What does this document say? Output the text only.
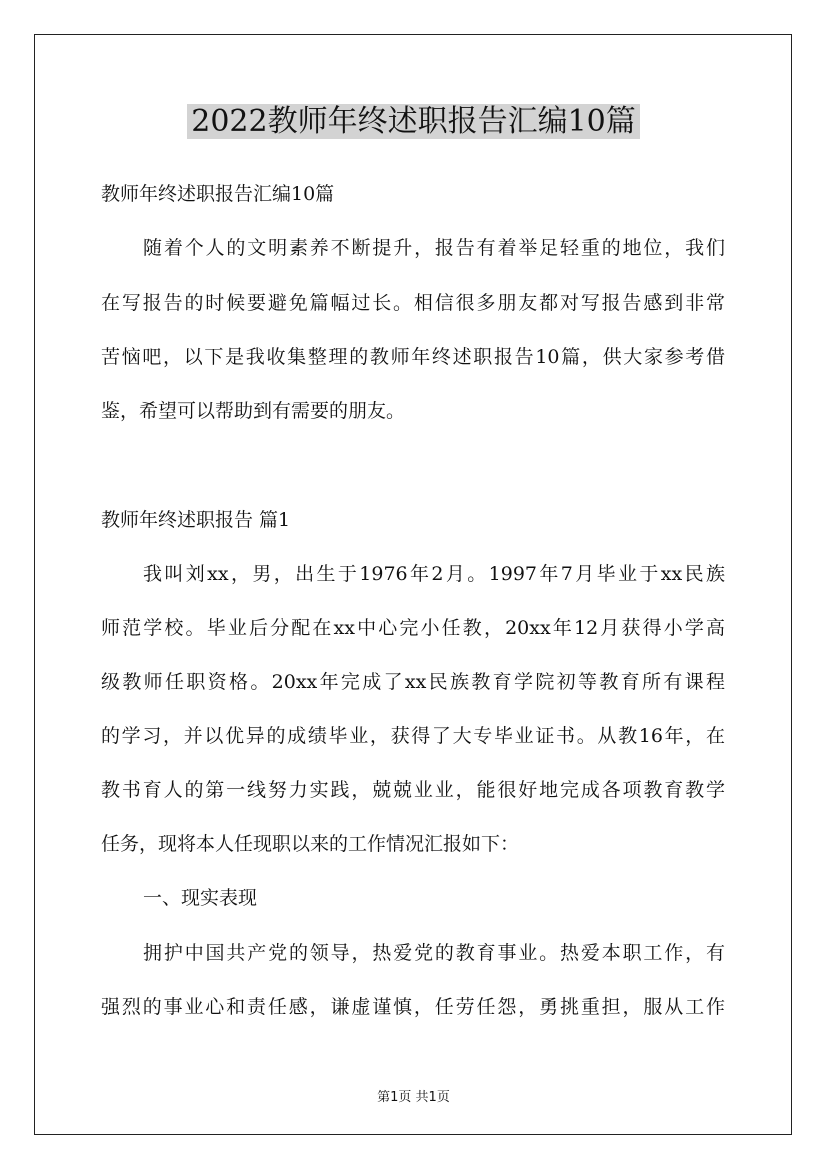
2022教师年终述职报告汇编10篇
教师年终述职报告汇编10篇
随着个人的文明素养不断提升，报告有着举足轻重的地位，我们
在写报告的时候要避免篇幅过长。相信很多朋友都对写报告感到非常
苦恼吧，以下是我收集整理的教师年终述职报告10篇，供大家参考借
鉴，希望可以帮助到有需要的朋友。
教师年终述职报告 篇1
我叫刘xx，男，出生于1976年2月。1997年7月毕业于xx民族
师范学校。毕业后分配在xx中心完小任教，20xx年12月获得小学高
级教师任职资格。20xx年完成了xx民族教育学院初等教育所有课程
的学习，并以优异的成绩毕业，获得了大专毕业证书。从教16年，在
教书育人的第一线努力实践，兢兢业业，能很好地完成各项教育教学
任务，现将本人任现职以来的工作情况汇报如下：
一、现实表现
拥护中国共产党的领导，热爱党的教育事业。热爱本职工作，有
强烈的事业心和责任感，谦虚谨慎，任劳任怨，勇挑重担，服从工作
第1页 共1页
